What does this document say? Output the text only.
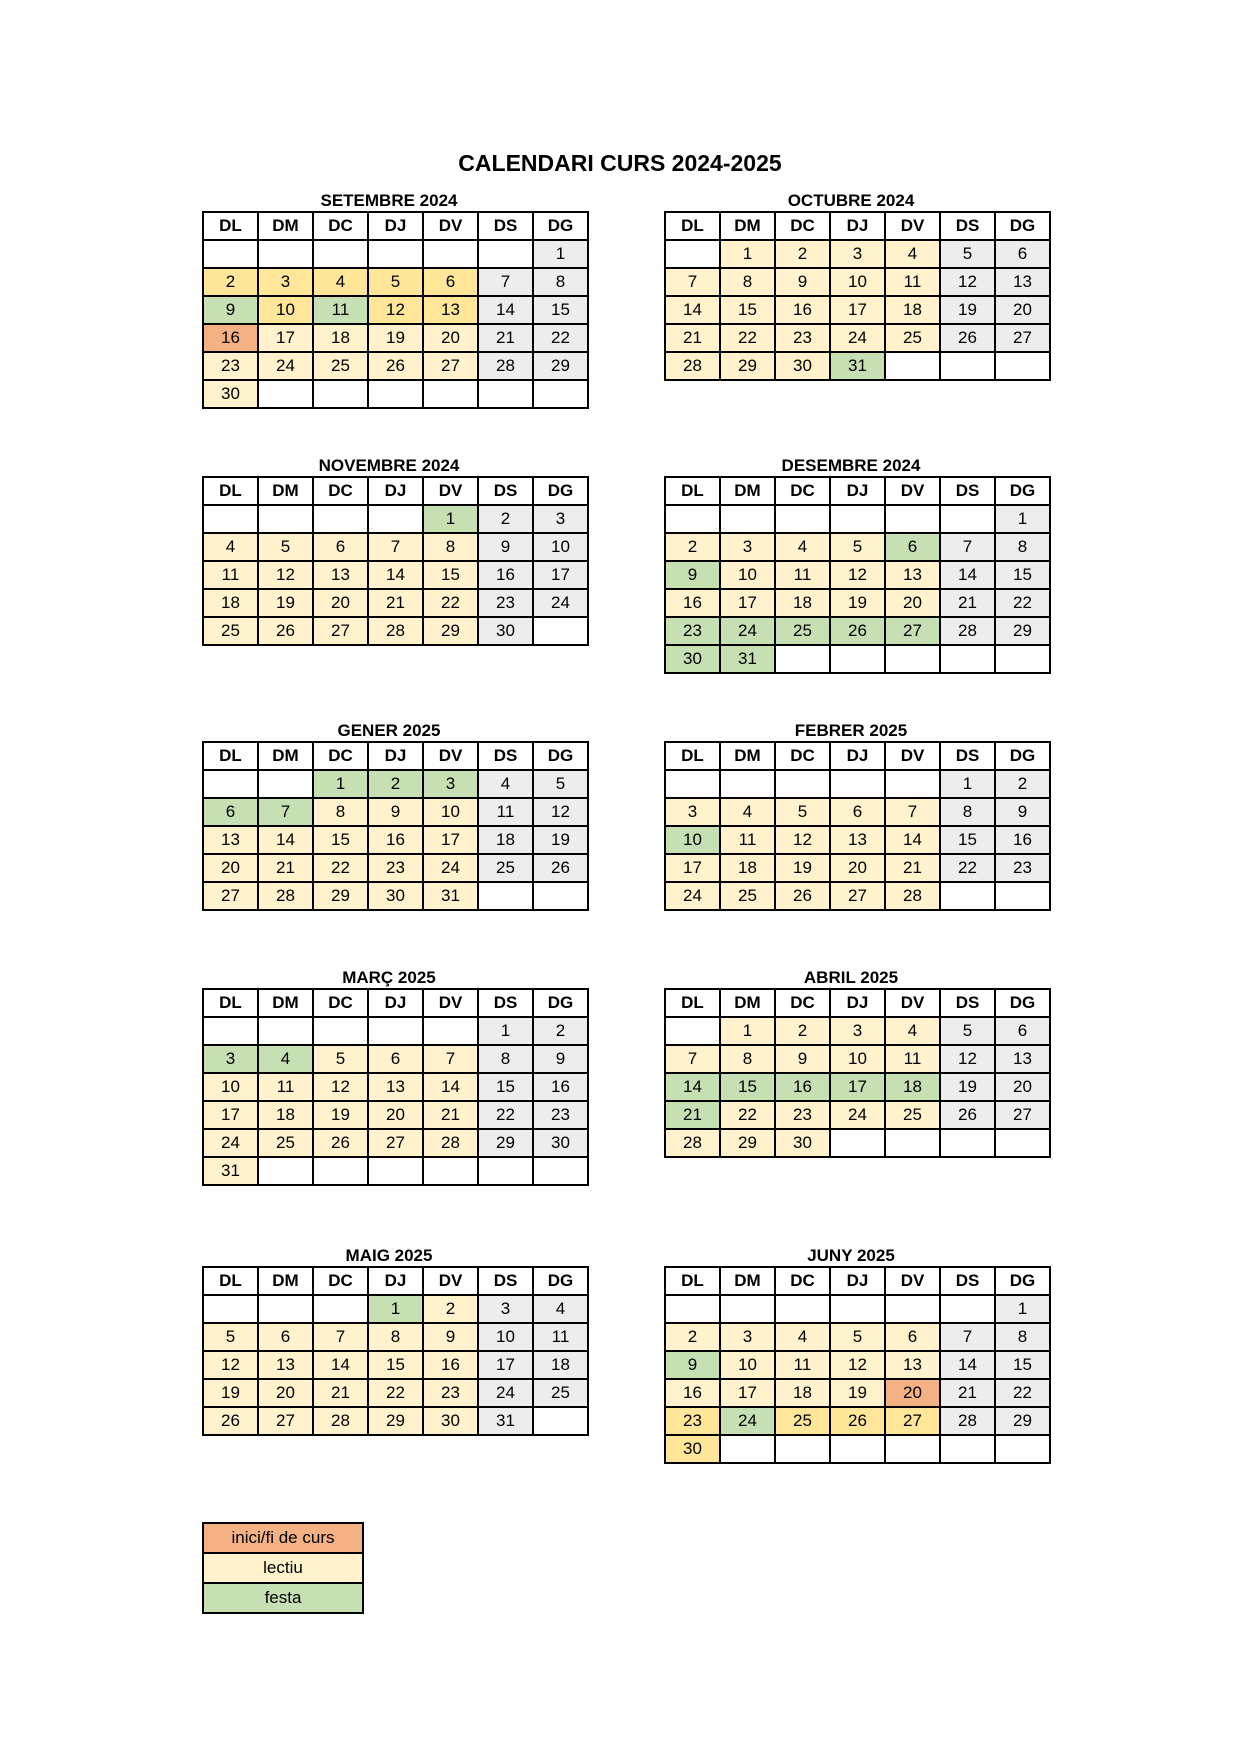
CALENDARI CURS 2024-2025
SETEMBRE 2024
DL	DM	DC	DJ	DV	DS	DG
						1
2	3	4	5	6	7	8
9	10	11	12	13	14	15
16	17	18	19	20	21	22
23	24	25	26	27	28	29
30						
OCTUBRE 2024
DL	DM	DC	DJ	DV	DS	DG
	1	2	3	4	5	6
7	8	9	10	11	12	13
14	15	16	17	18	19	20
21	22	23	24	25	26	27
28	29	30	31			
NOVEMBRE 2024
DL	DM	DC	DJ	DV	DS	DG
				1	2	3
4	5	6	7	8	9	10
11	12	13	14	15	16	17
18	19	20	21	22	23	24
25	26	27	28	29	30	
DESEMBRE 2024
DL	DM	DC	DJ	DV	DS	DG
						1
2	3	4	5	6	7	8
9	10	11	12	13	14	15
16	17	18	19	20	21	22
23	24	25	26	27	28	29
30	31					
GENER 2025
DL	DM	DC	DJ	DV	DS	DG
		1	2	3	4	5
6	7	8	9	10	11	12
13	14	15	16	17	18	19
20	21	22	23	24	25	26
27	28	29	30	31		
FEBRER 2025
DL	DM	DC	DJ	DV	DS	DG
					1	2
3	4	5	6	7	8	9
10	11	12	13	14	15	16
17	18	19	20	21	22	23
24	25	26	27	28		
MARÇ 2025
DL	DM	DC	DJ	DV	DS	DG
					1	2
3	4	5	6	7	8	9
10	11	12	13	14	15	16
17	18	19	20	21	22	23
24	25	26	27	28	29	30
31						
ABRIL 2025
DL	DM	DC	DJ	DV	DS	DG
	1	2	3	4	5	6
7	8	9	10	11	12	13
14	15	16	17	18	19	20
21	22	23	24	25	26	27
28	29	30				
MAIG 2025
DL	DM	DC	DJ	DV	DS	DG
			1	2	3	4
5	6	7	8	9	10	11
12	13	14	15	16	17	18
19	20	21	22	23	24	25
26	27	28	29	30	31	
JUNY 2025
DL	DM	DC	DJ	DV	DS	DG
						1
2	3	4	5	6	7	8
9	10	11	12	13	14	15
16	17	18	19	20	21	22
23	24	25	26	27	28	29
30						
inici/fi de curs
lectiu
festa
